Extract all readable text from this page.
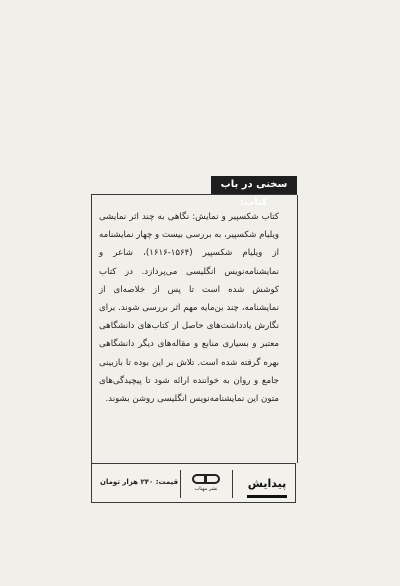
سخنی در باب کتاب:
کتاب شکسپیر و نمایش: نگاهی به چند اثر نمایشی ویلیام شکسپیر، به بررسی بیست و چهار نمایشنامه از ویلیام شکسپیر (۱۵۶۴-۱۶۱۶)، شاعر و نمایشنامه‌نویس انگلیسی می‌پردازد. در کتاب کوشش شده است تا پس از خلاصه‌ای از نمایشنامه، چند بن‌مایه مهم اثر بررسی شوند. برای نگارش یادداشت‌های حاصل از کتاب‌های دانشگاهی معتبر و بسیاری منابع و مقاله‌های دیگر دانشگاهی بهره گرفته شده است. تلاش بر این بوده تا بازبینی جامع و روان به خواننده ارائه شود تا پیچیدگی‌های متون این نمایشنامه‌نویس انگلیسی روشن بشوند.
قیمت: ۲۴۰ هزار تومان
نشر مهتاب	پیدایش
